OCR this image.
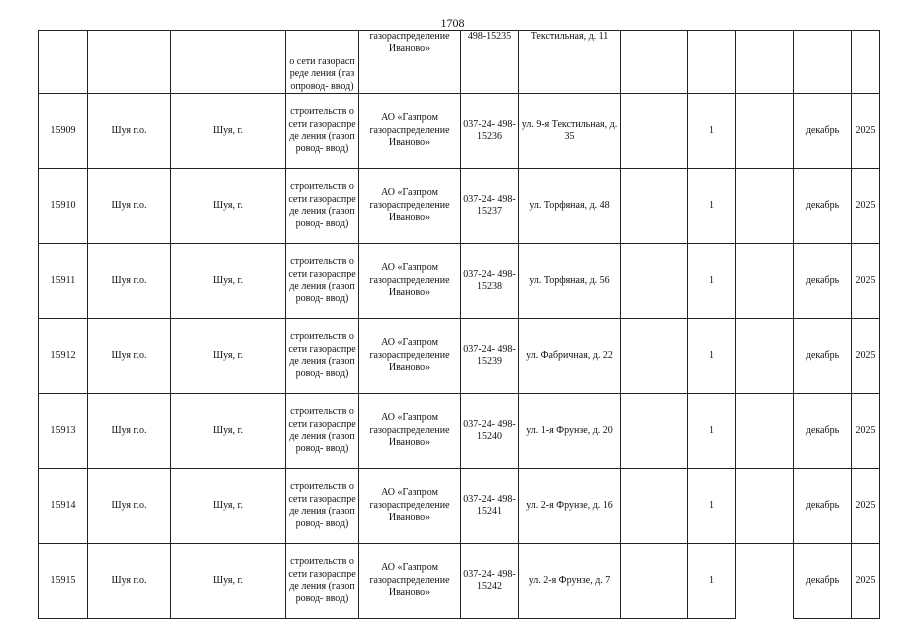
1708
			о сети газораспреде ления (газопровод- ввод)	газораспределение Иваново»	498-15235	Текстильная, д. 11					
15909	Шуя г.о.	Шуя, г.	строительств о сети газораспреде ления (газопровод- ввод)	АО «Газпром газораспределение Иваново»	037-24- 498-15236	ул. 9-я Текстильная, д. 35		1		декабрь	2025
15910	Шуя г.о.	Шуя, г.	строительств о сети газораспреде ления (газопровод- ввод)	АО «Газпром газораспределение Иваново»	037-24- 498-15237	ул. Торфяная, д. 48		1		декабрь	2025
15911	Шуя г.о.	Шуя, г.	строительств о сети газораспреде ления (газопровод- ввод)	АО «Газпром газораспределение Иваново»	037-24- 498-15238	ул. Торфяная, д. 56		1		декабрь	2025
15912	Шуя г.о.	Шуя, г.	строительств о сети газораспреде ления (газопровод- ввод)	АО «Газпром газораспределение Иваново»	037-24- 498-15239	ул. Фабричная, д. 22		1		декабрь	2025
15913	Шуя г.о.	Шуя, г.	строительств о сети газораспреде ления (газопровод- ввод)	АО «Газпром газораспределение Иваново»	037-24- 498-15240	ул. 1-я Фрунзе, д. 20		1		декабрь	2025
15914	Шуя г.о.	Шуя, г.	строительств о сети газораспреде ления (газопровод- ввод)	АО «Газпром газораспределение Иваново»	037-24- 498-15241	ул. 2-я Фрунзе, д. 16		1		декабрь	2025
15915	Шуя г.о.	Шуя, г.	строительств о сети газораспреде ления (газопровод- ввод)	АО «Газпром газораспределение Иваново»	037-24- 498-15242	ул. 2-я Фрунзе, д. 7		1		декабрь	2025
